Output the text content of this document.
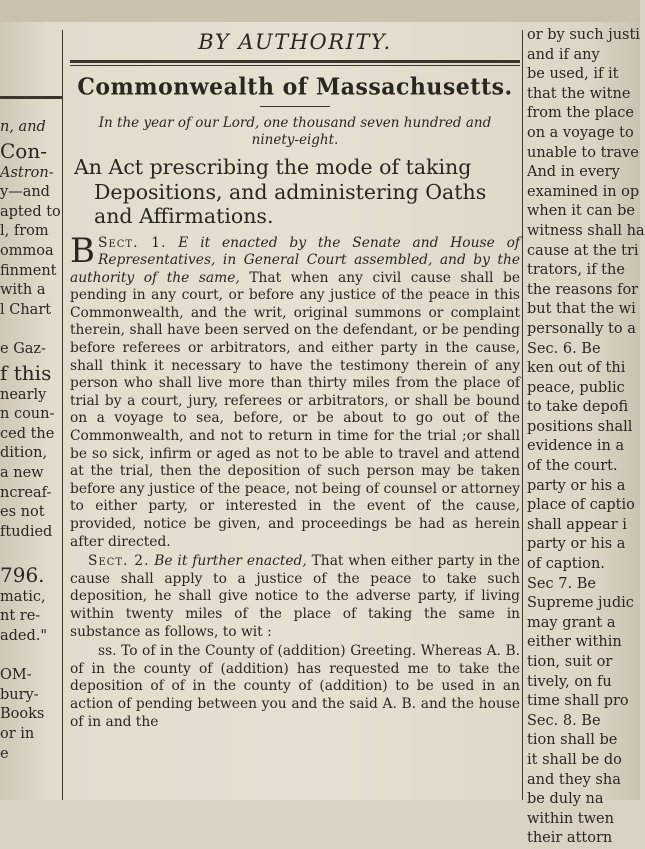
n, and
Con-
Astron-
y—and
apted to
l, from
ommoa
finment
with a
l Chart

e Gaz-
f this
nearly
n coun-
ced the
dition,
a new
ncreaf-
es not
ftudied

796.
matic,
nt re-
aded."

OM-
bury-
Books
or in
e
BY AUTHORITY.
Commonwealth of Massachusetts.
In the year of our Lord, one thousand seven hundred and ninety-eight.
An Act prescribing the mode of taking Depositions, and administering Oaths and Affirmations.

Sect. 1.
B	E it enacted by the Senate and House of Representatives, in General Court assembled, and by the authority of the same, That when any civil cause shall be pending in any court, or before any justice of the peace in this Commonwealth, and the writ, original summons or complaint therein, shall have been served on the defendant, or be pending before referees or arbitrators, and either party in the cause, shall think it necessary to have the testimony therein of any person who shall live more than thirty miles from the place of trial by a court, jury, referees or arbitrators, or shall be bound on a voyage to sea, before, or be about to go out of the Commonwealth, and not to return in time for the trial ;or shall be so sick, infirm or aged as not to be able to travel and attend at the trial, then the deposition of such person may be taken before any justice of the peace, not being of counsel or attorney to either party, or interested in the event of the cause, provided, notice be given, and proceedings be had as herein after directed.

Sect. 2. Be it further enacted, That when either party in the cause shall apply to a justice of the peace to take such deposition, he shall give notice to the adverse party, if living within twenty miles of the place of taking the same in substance as follows, to wit :

ss. To of in the County of (addition) Greeting. Whereas A. B. of in the county of (addition) has requested me to take the deposition of of in the county of (addition) to be used in an action of pending between you and the said A. B. and the house of in and the

or by such justi
and if any
be used, if it
that the witne
from the place
on a voyage to
unable to trave
And in every
examined in op
when it can be
witness shall ha
cause at the tri
trators, if the
the reasons for
but that the wi
personally to a
Sec. 6. Be
ken out of thi
peace, public
to take depofi
positions shall
evidence in a
of the court.
party or his a
place of captio
shall appear i
party or his a
of caption.
Sec 7. Be
Supreme judic
may grant a
either within
tion, suit or
tively, on fu
time shall pro
Sec. 8. Be
tion shall be
it shall be do
and they sha
be duly na
within twen
their attorn
